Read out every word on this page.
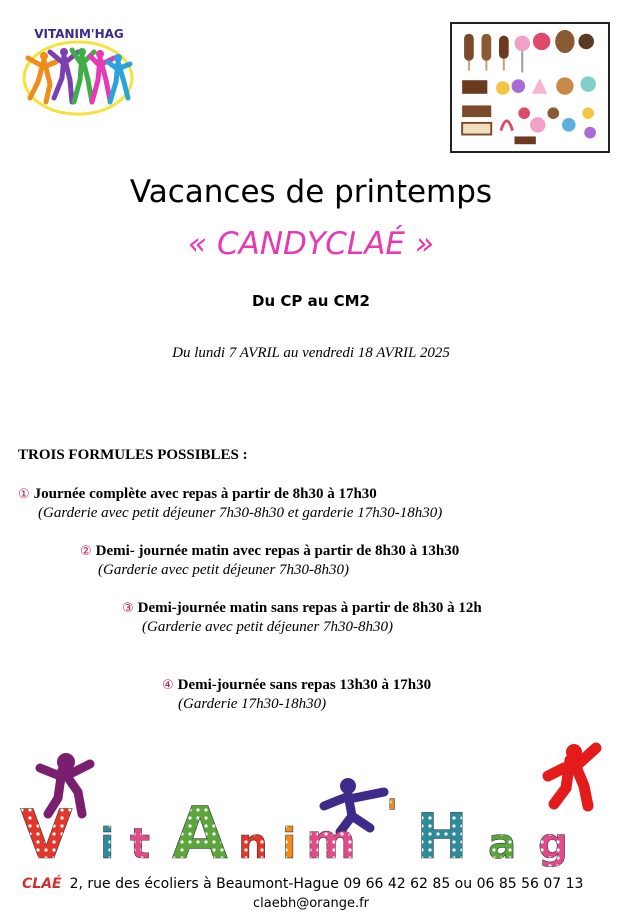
VITANIM'HAG
Vacances de printemps
« CANDYCLAÉ »
Du CP au CM2
Du lundi 7 AVRIL au vendredi 18 AVRIL 2025
TROIS FORMULES POSSIBLES :
① Journée complète avec repas à partir de 8h30 à 17h30
(Garderie avec petit déjeuner 7h30-8h30 et garderie 17h30-18h30)
② Demi- journée matin avec repas à partir de 8h30 à 13h30
(Garderie avec petit déjeuner 7h30-8h30)
③ Demi-journée matin sans repas à partir de 8h30 à 12h
(Garderie avec petit déjeuner 7h30-8h30)
④ Demi-journée sans repas 13h30 à 17h30
(Garderie 17h30-18h30)
V i t A n i m ' H a g
CLAÉ 2, rue des écoliers à Beaumont-Hague 09 66 42 62 85 ou 06 85 56 07 13
claebh@orange.fr
